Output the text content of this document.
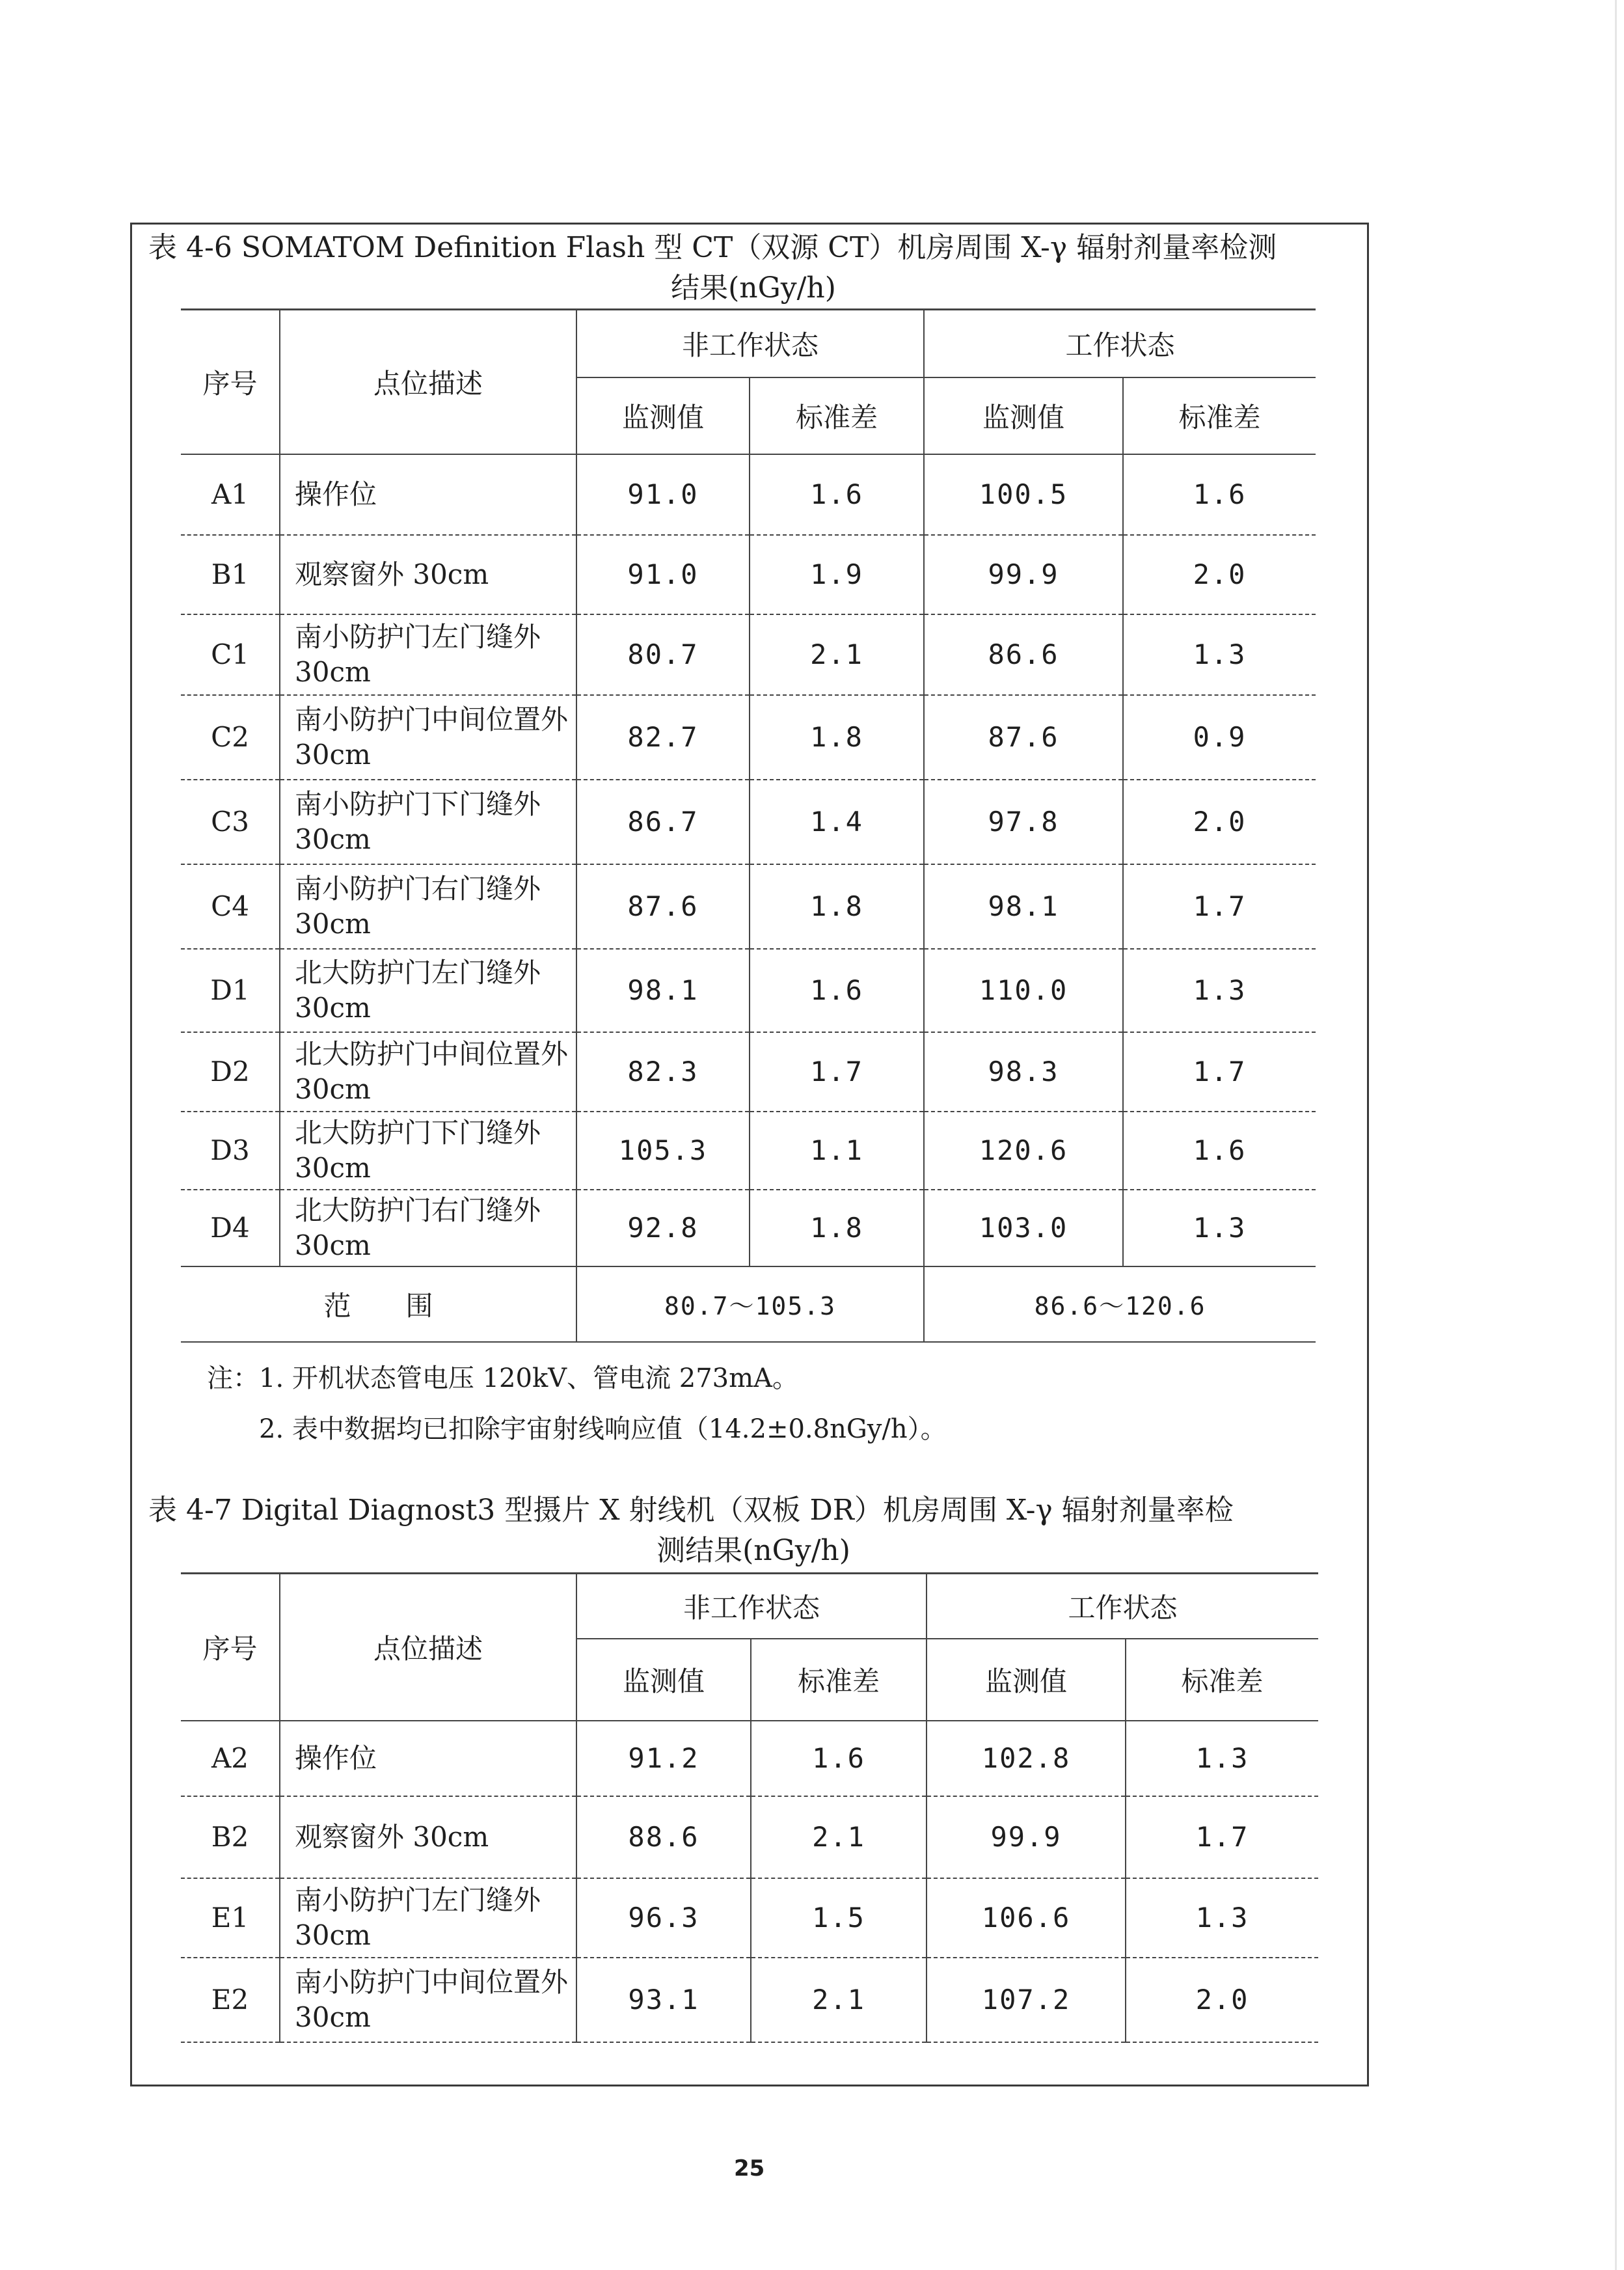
表 4-6 SOMATOM Definition Flash 型 CT（双源 CT）机房周围 X-γ 辐射剂量率检测
结果(nGy/h)
序号	点位描述	非工作状态		工作状态	
		监测值	标准差	监测值	标准差
A1	操作位	91.0	1.6	100.5	1.6
B1	观察窗外 30cm	91.0	1.9	99.9	2.0
C1	南小防护门左门缝外 30cm	80.7	2.1	86.6	1.3
C2	南小防护门中间位置外 30cm	82.7	1.8	87.6	0.9
C3	南小防护门下门缝外 30cm	86.7	1.4	97.8	2.0
C4	南小防护门右门缝外 30cm	87.6	1.8	98.1	1.7
D1	北大防护门左门缝外 30cm	98.1	1.6	110.0	1.3
D2	北大防护门中间位置外 30cm	82.3	1.7	98.3	1.7
D3	北大防护门下门缝外 30cm	105.3	1.1	120.6	1.6
D4	北大防护门右门缝外 30cm	92.8	1.8	103.0	1.3
范　　围		80.7～105.3		86.6～120.6	
注：1. 开机状态管电压 120kV、管电流 273mA。
2. 表中数据均已扣除宇宙射线响应值（14.2±0.8nGy/h）。
表 4-7 Digital Diagnost3 型摄片 X 射线机（双板 DR）机房周围 X-γ 辐射剂量率检
测结果(nGy/h)
序号	点位描述	非工作状态		工作状态	
		监测值	标准差	监测值	标准差
A2	操作位	91.2	1.6	102.8	1.3
B2	观察窗外 30cm	88.6	2.1	99.9	1.7
E1	南小防护门左门缝外 30cm	96.3	1.5	106.6	1.3
E2	南小防护门中间位置外 30cm	93.1	2.1	107.2	2.0
25
